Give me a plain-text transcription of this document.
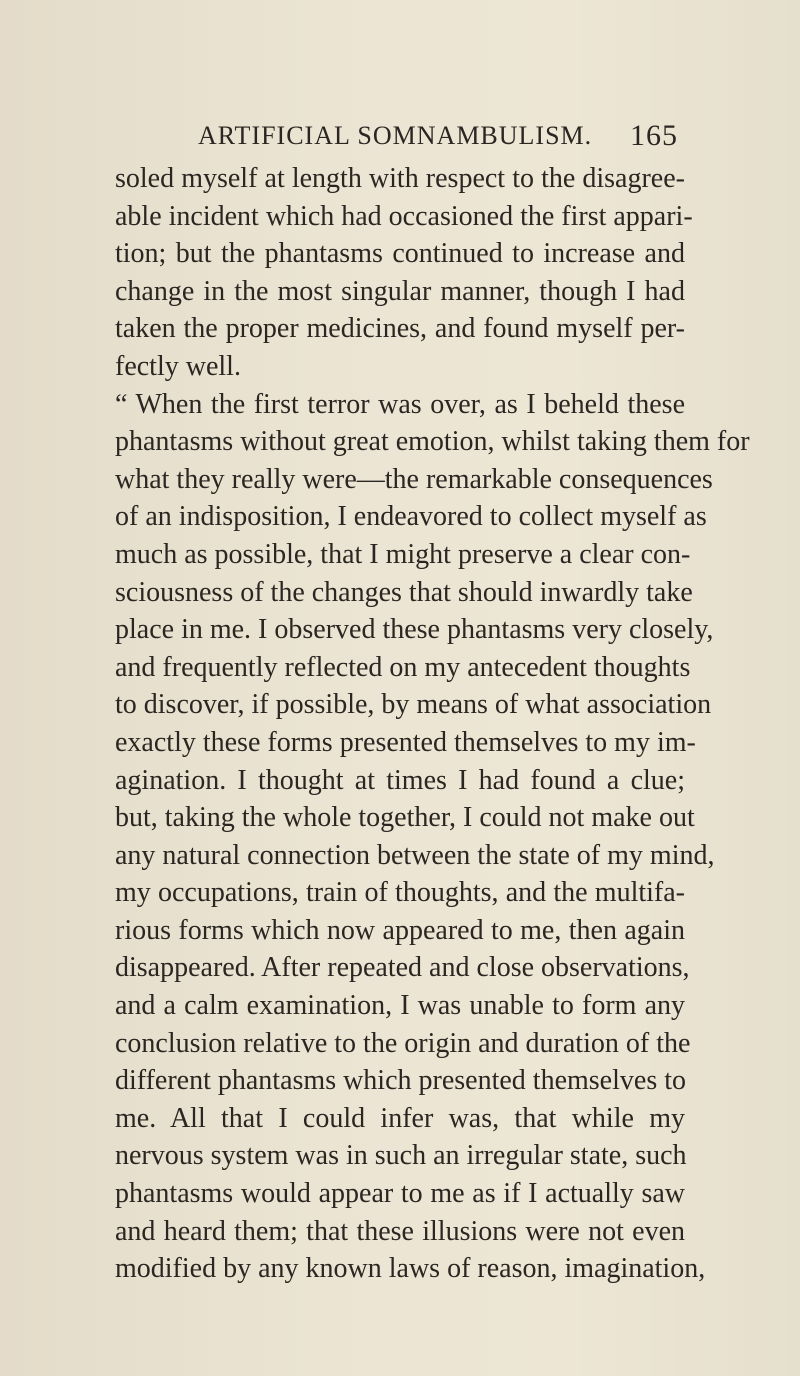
ARTIFICIAL SOMNAMBULISM. 165
soled myself at length with respect to the disagree-
able incident which had occasioned the first appari-
tion; but the phantasms continued to increase and
change in the most singular manner, though I had
taken the proper medicines, and found myself per-
fectly well.
“ When the first terror was over, as I beheld these
phantasms without great emotion, whilst taking them for
what they really were—the remarkable consequences
of an indisposition, I endeavored to collect myself as
much as possible, that I might preserve a clear con-
sciousness of the changes that should inwardly take
place in me. I observed these phantasms very closely,
and frequently reflected on my antecedent thoughts
to discover, if possible, by means of what association
exactly these forms presented themselves to my im-
agination. I thought at times I had found a clue;
but, taking the whole together, I could not make out
any natural connection between the state of my mind,
my occupations, train of thoughts, and the multifa-
rious forms which now appeared to me, then again
disappeared. After repeated and close observations,
and a calm examination, I was unable to form any
conclusion relative to the origin and duration of the
different phantasms which presented themselves to
me. All that I could infer was, that while my
nervous system was in such an irregular state, such
phantasms would appear to me as if I actually saw
and heard them; that these illusions were not even
modified by any known laws of reason, imagination,
